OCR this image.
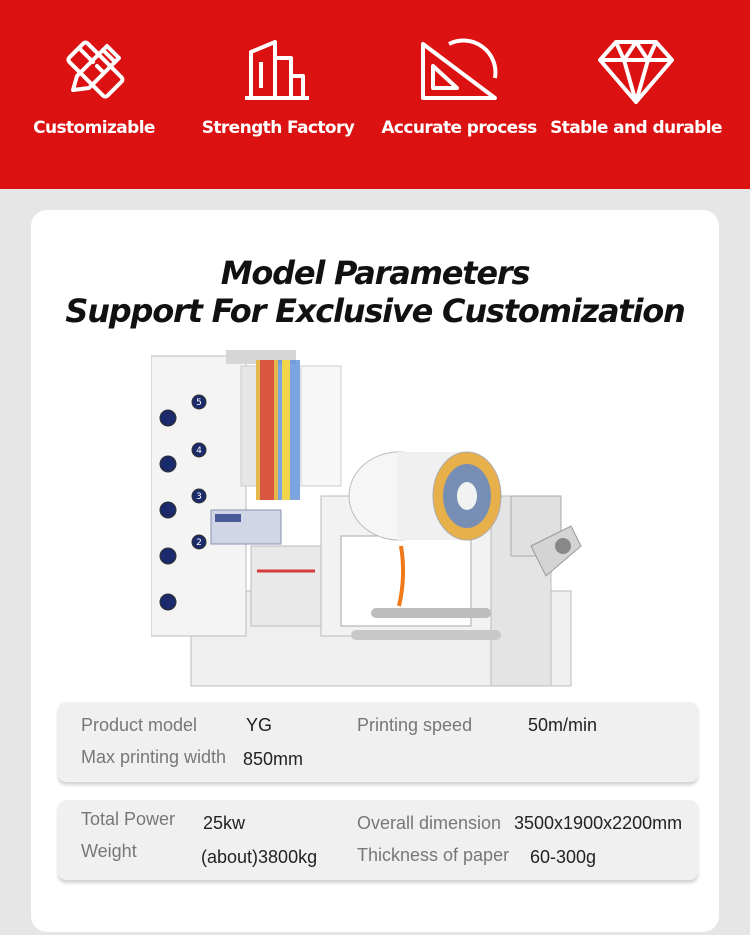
Customizable	Strength Factory	Accurate process Stable and durable
Model Parameters
Support For Exclusive Customization
5
4
3
2
Product model	YG	Printing speed	50m/min
Max printing width 850mm
Total Power 25kw	Overall dimension 3500x1900x2200mm
Weight	(about)3800kg Thickness of paper 60-300g
